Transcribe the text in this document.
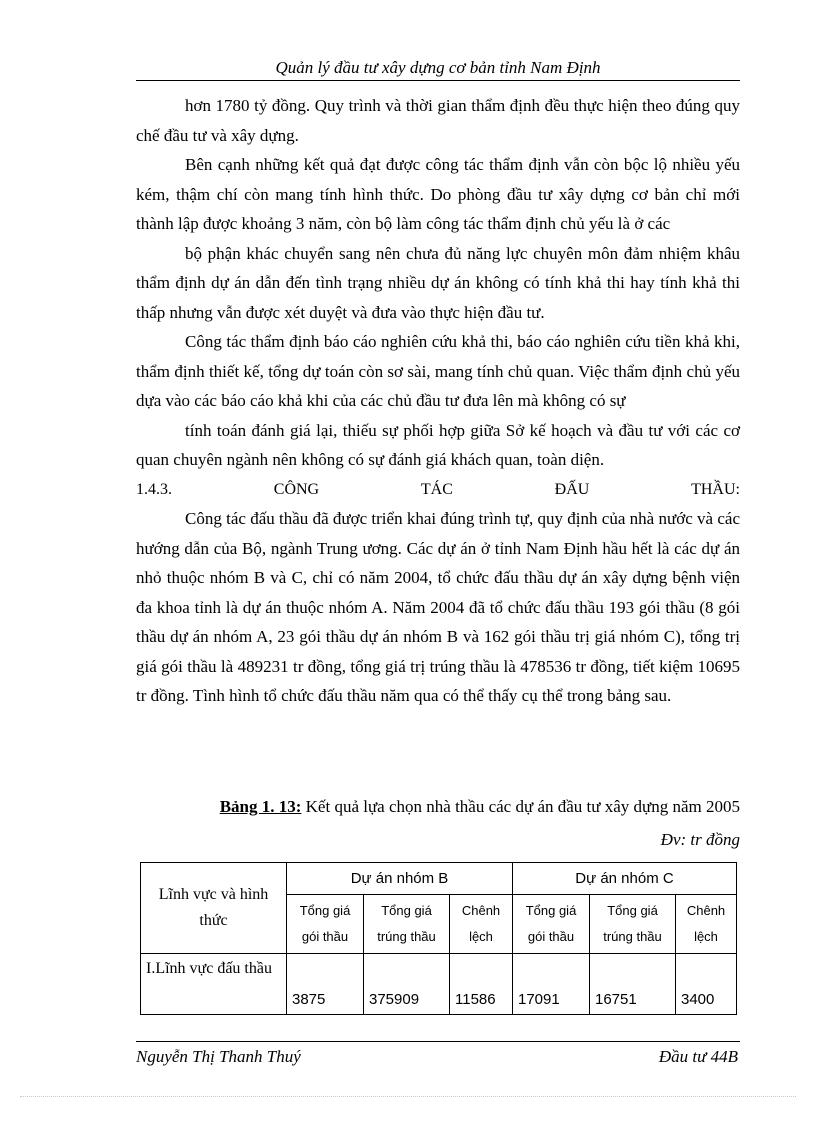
Quản lý đầu tư xây dựng cơ bản tỉnh Nam Định

hơn 1780 tỷ đồng. Quy trình và thời gian thẩm định đều thực hiện theo đúng quy chế đầu tư và xây dựng.

Bên cạnh những kết quả đạt được công tác thẩm định vẫn còn bộc lộ nhiều yếu kém, thậm chí còn mang tính hình thức. Do phòng đầu tư xây dựng cơ bản chỉ mới thành lập được khoảng 3 năm, còn bộ làm công tác thẩm định chủ yếu là ở các

bộ phận khác chuyển sang nên chưa đủ năng lực chuyên môn đảm nhiệm khâu thẩm định dự án dẫn đến tình trạng nhiều dự án không có tính khả thi hay tính khả thi thấp nhưng vẫn được xét duyệt và đưa vào thực hiện đầu tư.

Công tác thẩm định báo cáo nghiên cứu khả thi, báo cáo nghiên cứu tiền khả khi, thẩm định thiết kế, tổng dự toán còn sơ sài, mang tính chủ quan. Việc thẩm định chủ yếu dựa vào các báo cáo khả khi của các chủ đầu tư đưa lên mà không có sự

tính toán đánh giá lại, thiếu sự phối hợp giữa Sở kế hoạch và đầu tư với các cơ quan chuyên ngành nên không có sự đánh giá khách quan, toàn diện.

1.4.3.	CÔNG	TÁC	ĐẤU	THẦU:

Công tác đấu thầu đã được triển khai đúng trình tự, quy định của nhà nước và các hướng dẫn của Bộ, ngành Trung ương. Các dự án ở tỉnh Nam Định hầu hết là các dự án nhỏ thuộc nhóm B và C, chỉ có năm 2004, tổ chức đấu thầu dự án xây dựng bệnh viện đa khoa tỉnh là dự án thuộc nhóm A. Năm 2004 đã tổ chức đấu thầu 193 gói thầu (8 gói thầu dự án nhóm A, 23 gói thầu dự án nhóm B và 162 gói thầu trị giá nhóm C), tổng trị giá gói thầu là 489231 tr đồng, tổng giá trị trúng thầu là 478536 tr đồng, tiết kiệm 10695 tr đồng. Tình hình tổ chức đấu thầu năm qua có thể thấy cụ thể trong bảng sau.

Bảng 1. 13: Kết quả lựa chọn nhà thầu các dự án đầu tư xây dựng năm 2005
Đv: tr đồng
Lĩnh vực và hình thức	Dự án nhóm B			Dự án nhóm C		
	Tổng giá gói thầu	Tổng giá trúng thầu	Chênh lệch	Tổng giá gói thầu	Tổng giá trúng thầu	Chênh lệch
I.Lĩnh vực đấu thầu	3875	375909	11586	17091	16751	3400
Nguyễn Thị Thanh Thuý	Đầu tư 44B
